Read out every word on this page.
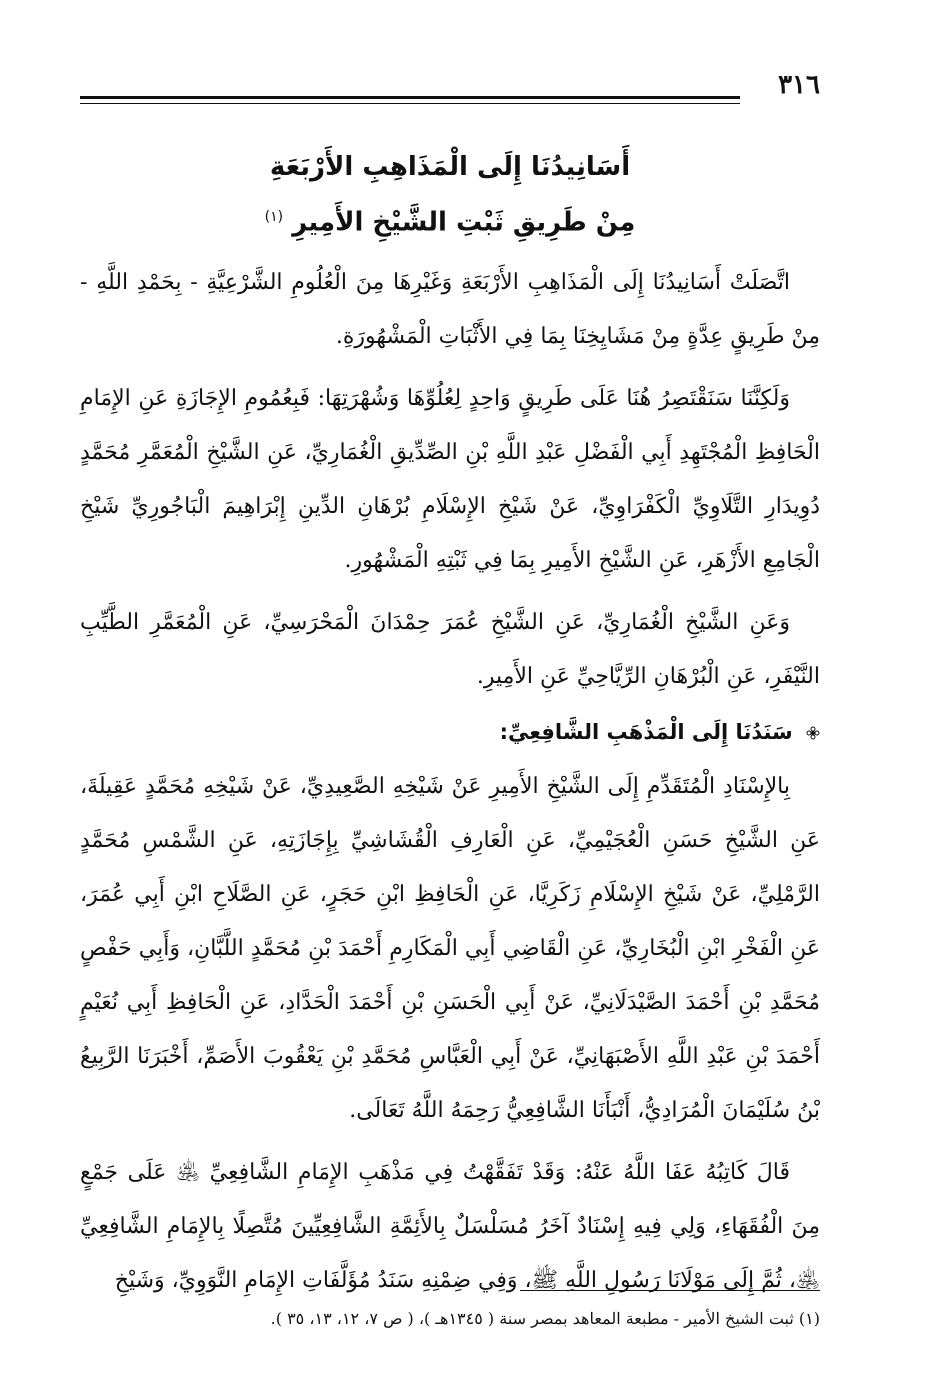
٣١٦
أَسَانِيدُنَا إِلَى الْمَذَاهِبِ الأَرْبَعَةِ
مِنْ طَرِيقِ ثَبْتِ الشَّيْخِ الأَمِيرِ $^{(١)}$

اتَّصَلَتْ أَسَانِيدُنَا إِلَى الْمَذَاهِبِ الأَرْبَعَةِ وَغَيْرِهَا مِنَ الْعُلُومِ الشَّرْعِيَّةِ - بِحَمْدِ اللَّهِ - مِنْ طَرِيقٍ عِدَّةٍ مِنْ مَشَايِخِنَا بِمَا فِي الأَثْبَاتِ الْمَشْهُورَةِ.

وَلَكِنَّنَا سَنَقْتَصِرُ هُنَا عَلَى طَرِيقٍ وَاحِدٍ لِعُلُوِّهَا وَشُهْرَتِهَا: فَبِعُمُومِ الإِجَازَةِ عَنِ الإِمَامِ الْحَافِظِ الْمُجْتَهِدِ أَبِي الْفَضْلِ عَبْدِ اللَّهِ بْنِ الصِّدِّيقِ الْغُمَارِيِّ، عَنِ الشَّيْخِ الْمُعَمَّرِ مُحَمَّدٍ دُوِيدَارِ التَّلَاوِيِّ الْكَفْرَاوِيِّ، عَنْ شَيْخِ الإِسْلَامِ بُرْهَانِ الدِّينِ إِبْرَاهِيمَ الْبَاجُورِيِّ شَيْخِ الْجَامِعِ الأَزْهَرِ، عَنِ الشَّيْخِ الأَمِيرِ بِمَا فِي ثَبْتِهِ الْمَشْهُورِ.

وَعَنِ الشَّيْخِ الْغُمَارِيِّ، عَنِ الشَّيْخِ عُمَرَ حِمْدَانَ الْمَحْرَسِيِّ، عَنِ الْمُعَمَّرِ الطَّيِّبِ النَّيْفَرِ، عَنِ الْبُرْهَانِ الرِّيَّاحِيِّ عَنِ الأَمِيرِ.

سَنَدُنَا إِلَى الْمَذْهَبِ الشَّافِعِيِّ:

بِالإِسْنَادِ الْمُتَقَدِّمِ إِلَى الشَّيْخِ الأَمِيرِ عَنْ شَيْخِهِ الصَّعِيدِيِّ، عَنْ شَيْخِهِ مُحَمَّدٍ عَقِيلَةَ، عَنِ الشَّيْخِ حَسَنِ الْعُجَيْمِيِّ، عَنِ الْعَارِفِ الْقُشَاشِيِّ بِإِجَازَتِهِ، عَنِ الشَّمْسِ مُحَمَّدٍ الرَّمْلِيِّ، عَنْ شَيْخِ الإِسْلَامِ زَكَرِيَّا، عَنِ الْحَافِظِ ابْنِ حَجَرٍ، عَنِ الصَّلَاحِ ابْنِ أَبِي عُمَرَ، عَنِ الْفَخْرِ ابْنِ الْبُخَارِيِّ، عَنِ الْقَاضِي أَبِي الْمَكَارِمِ أَحْمَدَ بْنِ مُحَمَّدٍ اللَّبَّانِ، وَأَبِي حَفْصٍ مُحَمَّدِ بْنِ أَحْمَدَ الصَّيْدَلَانِيِّ، عَنْ أَبِي الْحَسَنِ بْنِ أَحْمَدَ الْحَدَّادِ، عَنِ الْحَافِظِ أَبِي نُعَيْمٍ أَحْمَدَ بْنِ عَبْدِ اللَّهِ الأَصْبَهَانِيِّ، عَنْ أَبِي الْعَبَّاسِ مُحَمَّدِ بْنِ يَعْقُوبَ الأَصَمِّ، أَخْبَرَنَا الرَّبِيعُ بْنُ سُلَيْمَانَ الْمُرَادِيُّ، أَنْبَأَنَا الشَّافِعِيُّ رَحِمَهُ اللَّهُ تَعَالَى.

قَالَ كَاتِبُهُ عَفَا اللَّهُ عَنْهُ: وَقَدْ تَفَقَّهْتُ فِي مَذْهَبِ الإِمَامِ الشَّافِعِيِّ ﵁ عَلَى جَمْعٍ مِنَ الْفُقَهَاءِ، وَلِي فِيهِ إِسْنَادٌ آخَرُ مُسَلْسَلٌ بِالأَئِمَّةِ الشَّافِعِيِّينَ مُتَّصِلًا بِالإِمَامِ الشَّافِعِيِّ ﵁، ثُمَّ إِلَى مَوْلَانَا رَسُولِ اللَّهِ ﷺ، وَفِي ضِمْنِهِ سَنَدُ مُؤَلَّفَاتِ الإِمَامِ النَّوَوِيِّ، وَشَيْخِ

(١) ثبت الشيخ الأمير - مطبعة المعاهد بمصر سنة ( ١٣٤٥هـ )، ( ص ٧، ١٢، ١٣، ٣٥ ).
